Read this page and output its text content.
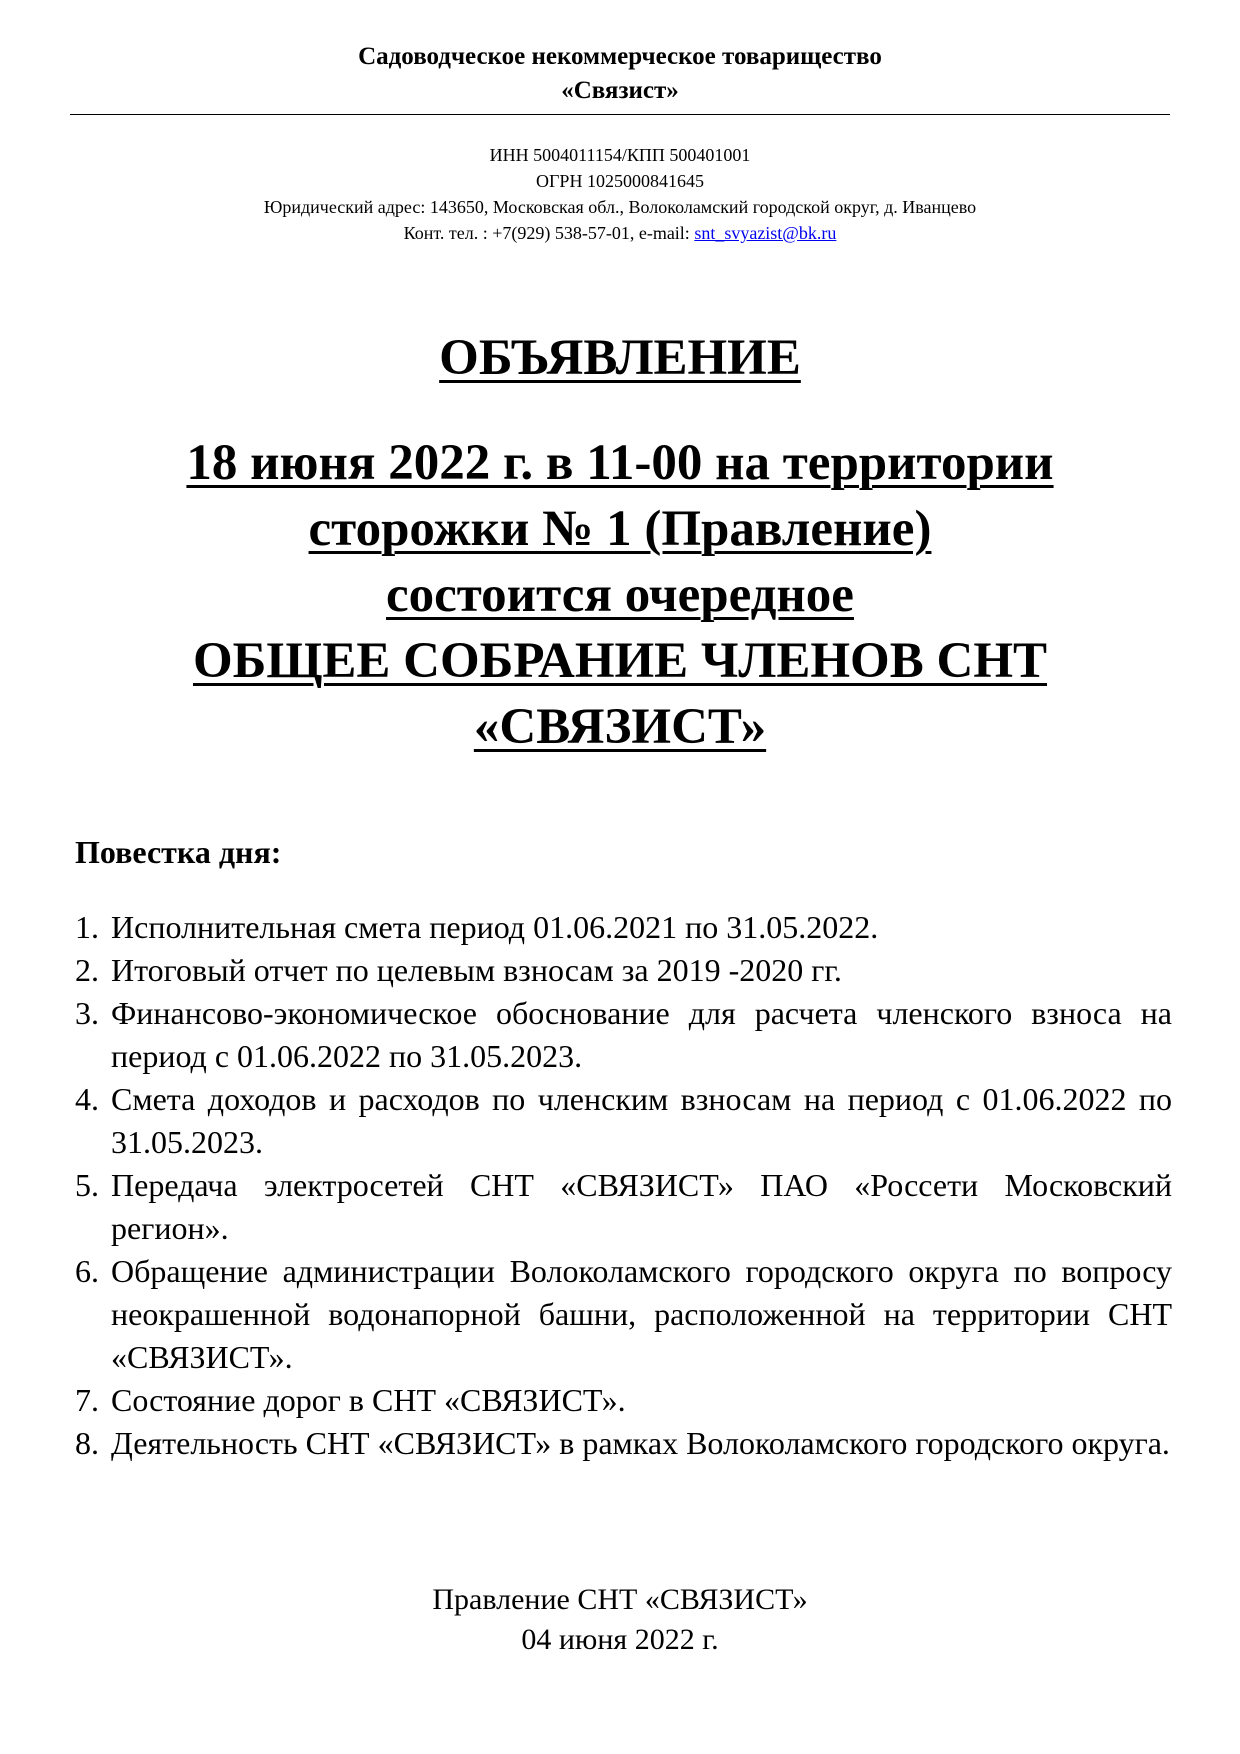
Садоводческое некоммерческое товарищество
«Связист»
ИНН 5004011154/КПП 500401001
ОГРН 1025000841645
Юридический адрес: 143650, Московская обл., Волоколамский городской округ, д. Иванцево
Конт. тел. : +7(929) 538-57-01, e-mail: snt_svyazist@bk.ru
ОБЪЯВЛЕНИЕ
18 июня 2022 г. в 11-00 на территории
сторожки № 1 (Правление)
состоится очередное
ОБЩЕЕ СОБРАНИЕ ЧЛЕНОВ СНТ
«СВЯЗИСТ»
Повестка дня:
1. Исполнительная смета период 01.06.2021 по 31.05.2022.
2. Итоговый отчет по целевым взносам за 2019 -2020 гг.
3. Финансово-экономическое обоснование для расчета членского взноса на период с 01.06.2022 по 31.05.2023.
4. Смета доходов и расходов по членским взносам на период с 01.06.2022 по 31.05.2023.
5. Передача электросетей СНТ «СВЯЗИСТ» ПАО «Россети Московский регион».
6. Обращение администрации Волоколамского городского округа по вопросу неокрашенной водонапорной башни, расположенной на территории СНТ «СВЯЗИСТ».
7. Состояние дорог в СНТ «СВЯЗИСТ».
8. Деятельность СНТ «СВЯЗИСТ» в рамках Волоколамского городского округа.
Правление СНТ «СВЯЗИСТ»
04 июня 2022 г.
